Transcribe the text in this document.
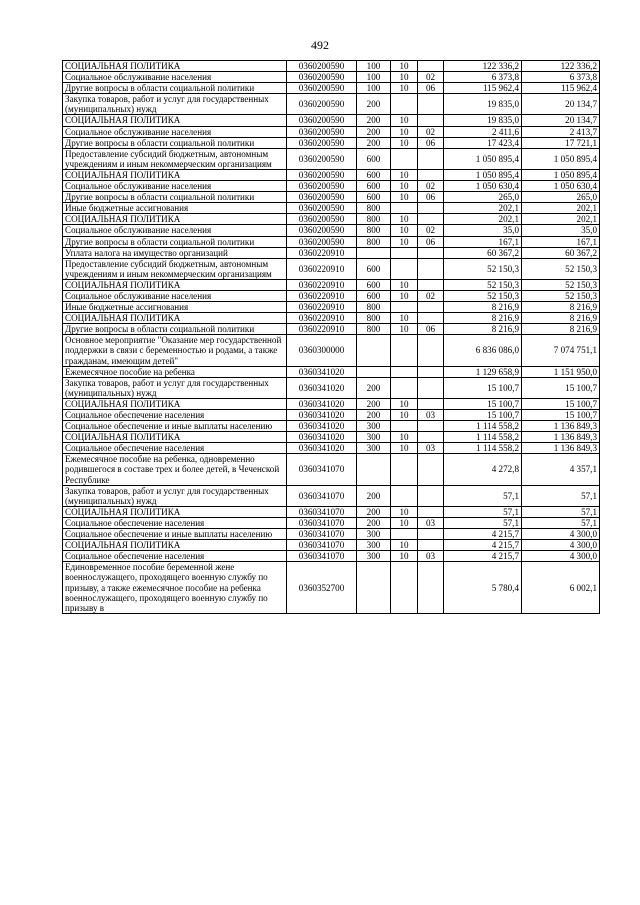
492
СОЦИАЛЬНАЯ ПОЛИТИКА	0360200590	100	10		122 336,2	122 336,2
Социальное обслуживание населения	0360200590	100	10	02	6 373,8	6 373,8
Другие вопросы в области социальной политики	0360200590	100	10	06	115 962,4	115 962,4
Закупка товаров, работ и услуг для государственных (муниципальных) нужд	0360200590	200			19 835,0	20 134,7
СОЦИАЛЬНАЯ ПОЛИТИКА	0360200590	200	10		19 835,0	20 134,7
Социальное обслуживание населения	0360200590	200	10	02	2 411,6	2 413,7
Другие вопросы в области социальной политики	0360200590	200	10	06	17 423,4	17 721,1
Предоставление субсидий бюджетным, автономным учреждениям и иным некоммерческим организациям	0360200590	600			1 050 895,4	1 050 895,4
СОЦИАЛЬНАЯ ПОЛИТИКА	0360200590	600	10		1 050 895,4	1 050 895,4
Социальное обслуживание населения	0360200590	600	10	02	1 050 630,4	1 050 630,4
Другие вопросы в области социальной политики	0360200590	600	10	06	265,0	265,0
Иные бюджетные ассигнования	0360200590	800			202,1	202,1
СОЦИАЛЬНАЯ ПОЛИТИКА	0360200590	800	10		202,1	202,1
Социальное обслуживание населения	0360200590	800	10	02	35,0	35,0
Другие вопросы в области социальной политики	0360200590	800	10	06	167,1	167,1
Уплата налога на имущество организаций	0360220910				60 367,2	60 367,2
Предоставление субсидий бюджетным, автономным учреждениям и иным некоммерческим организациям	0360220910	600			52 150,3	52 150,3
СОЦИАЛЬНАЯ ПОЛИТИКА	0360220910	600	10		52 150,3	52 150,3
Социальное обслуживание населения	0360220910	600	10	02	52 150,3	52 150,3
Иные бюджетные ассигнования	0360220910	800			8 216,9	8 216,9
СОЦИАЛЬНАЯ ПОЛИТИКА	0360220910	800	10		8 216,9	8 216,9
Другие вопросы в области социальной политики	0360220910	800	10	06	8 216,9	8 216,9
Основное мероприятие "Оказание мер государственной поддержки в связи с беременностью и родами, а также гражданам, имеющим детей"	0360300000				6 836 086,0	7 074 751,1
Ежемесячное пособие на ребенка	0360341020				1 129 658,9	1 151 950,0
Закупка товаров, работ и услуг для государственных (муниципальных) нужд	0360341020	200			15 100,7	15 100,7
СОЦИАЛЬНАЯ ПОЛИТИКА	0360341020	200	10		15 100,7	15 100,7
Социальное обеспечение населения	0360341020	200	10	03	15 100,7	15 100,7
Социальное обеспечение и иные выплаты населению	0360341020	300			1 114 558,2	1 136 849,3
СОЦИАЛЬНАЯ ПОЛИТИКА	0360341020	300	10		1 114 558,2	1 136 849,3
Социальное обеспечение населения	0360341020	300	10	03	1 114 558,2	1 136 849,3
Ежемесячное пособие на ребенка, одновременно родившегося в составе трех и более детей, в Чеченской Республике	0360341070				4 272,8	4 357,1
Закупка товаров, работ и услуг для государственных (муниципальных) нужд	0360341070	200			57,1	57,1
СОЦИАЛЬНАЯ ПОЛИТИКА	0360341070	200	10		57,1	57,1
Социальное обеспечение населения	0360341070	200	10	03	57,1	57,1
Социальное обеспечение и иные выплаты населению	0360341070	300			4 215,7	4 300,0
СОЦИАЛЬНАЯ ПОЛИТИКА	0360341070	300	10		4 215,7	4 300,0
Социальное обеспечение населения	0360341070	300	10	03	4 215,7	4 300,0
Единовременное пособие беременной жене военнослужащего, проходящего военную службу по призыву, а также ежемесячное пособие на ребенка военнослужащего, проходящего военную службу по призыву в	0360352700				5 780,4	6 002,1
